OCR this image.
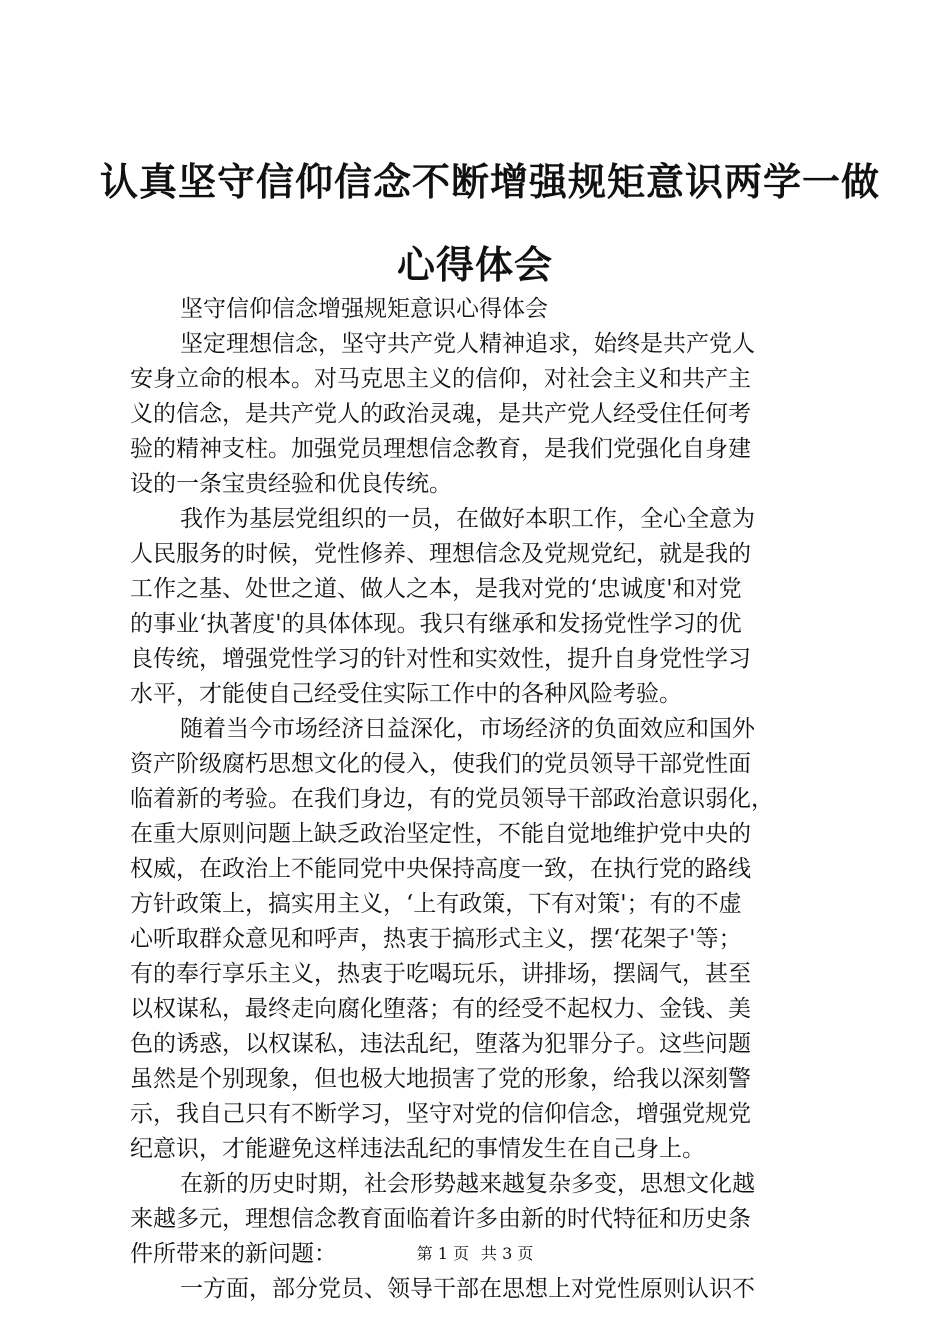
认真坚守信仰信念不断增强规矩意识两学一做
心得体会
坚守信仰信念增强规矩意识心得体会
坚定理想信念，坚守共产党人精神追求，始终是共产党人
安身立命的根本。对马克思主义的信仰，对社会主义和共产主
义的信念，是共产党人的政治灵魂，是共产党人经受住任何考
验的精神支柱。加强党员理想信念教育，是我们党强化自身建
设的一条宝贵经验和优良传统。
我作为基层党组织的一员，在做好本职工作，全心全意为
人民服务的时候，党性修养、理想信念及党规党纪，就是我的
工作之基、处世之道、做人之本，是我对党的‘忠诚度'和对党
的事业‘执著度'的具体体现。我只有继承和发扬党性学习的优
良传统，增强党性学习的针对性和实效性，提升自身党性学习
水平，才能使自己经受住实际工作中的各种风险考验。
随着当今市场经济日益深化，市场经济的负面效应和国外
资产阶级腐朽思想文化的侵入，使我们的党员领导干部党性面
临着新的考验。在我们身边，有的党员领导干部政治意识弱化，
在重大原则问题上缺乏政治坚定性，不能自觉地维护党中央的
权威，在政治上不能同党中央保持高度一致，在执行党的路线
方针政策上，搞实用主义，‘上有政策，下有对策'；有的不虚
心听取群众意见和呼声，热衷于搞形式主义，摆‘花架子'等；
有的奉行享乐主义，热衷于吃喝玩乐，讲排场，摆阔气，甚至
以权谋私，最终走向腐化堕落；有的经受不起权力、金钱、美
色的诱惑，以权谋私，违法乱纪，堕落为犯罪分子。这些问题
虽然是个别现象，但也极大地损害了党的形象，给我以深刻警
示，我自己只有不断学习，坚守对党的信仰信念，增强党规党
纪意识，才能避免这样违法乱纪的事情发生在自己身上。
在新的历史时期，社会形势越来越复杂多变，思想文化越
来越多元，理想信念教育面临着许多由新的时代特征和历史条
件所带来的新问题：
一方面，部分党员、领导干部在思想上对党性原则认识不
第 1 页 共 3 页
